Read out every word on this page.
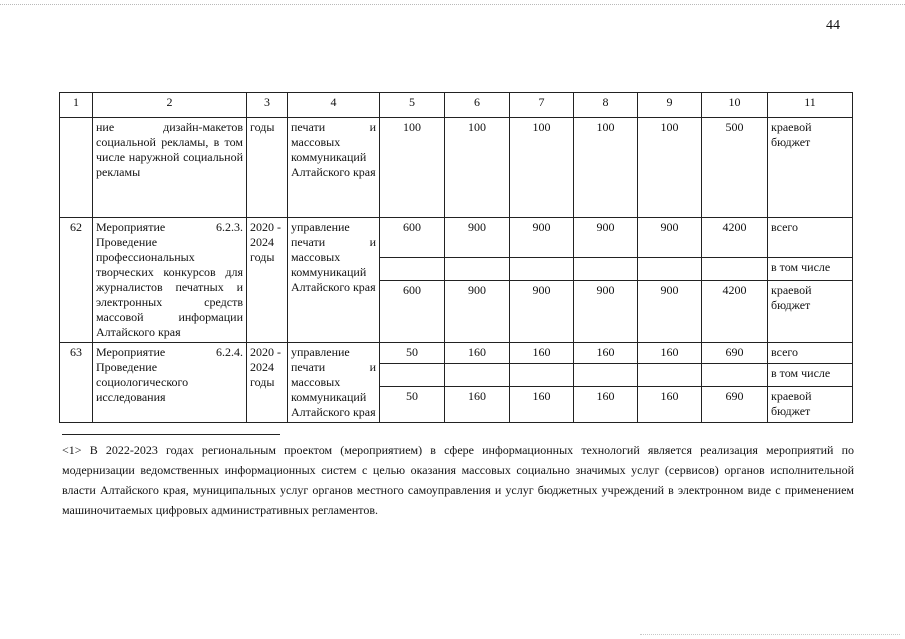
44
1	2	3	4	5	6	7	8	9	10	11
	ние дизайн-макетов социальной рекламы, в том числе наружной социальной рекламы	годы	печати и массовых коммуникаций Алтайского края	100	100	100	100	100	500	краевой бюджет
62	Мероприятие 6.2.3. Проведение профессиональных творческих конкурсов для журналистов печатных и электронных средств массовой информации Алтайского края	2020 - 2024 годы	управление печати и массовых коммуникаций Алтайского края	600	900	900	900	900	4200	всего
										в том числе
				600	900	900	900	900	4200	краевой бюджет
63	Мероприятие 6.2.4. Проведение социологического исследования	2020 - 2024 годы	управление печати и массовых коммуникаций Алтайского края	50	160	160	160	160	690	всего
										в том числе
				50	160	160	160	160	690	краевой бюджет
<1> В 2022-2023 годах региональным проектом (мероприятием) в сфере информационных технологий является реализация мероприятий по модернизации ведомственных информационных систем с целью оказания массовых социально значимых услуг (сервисов) органов исполнительной власти Алтайского края, муниципальных услуг органов местного самоуправления и услуг бюджетных учреждений в электронном виде с применением машиночитаемых цифровых административных регламентов.
